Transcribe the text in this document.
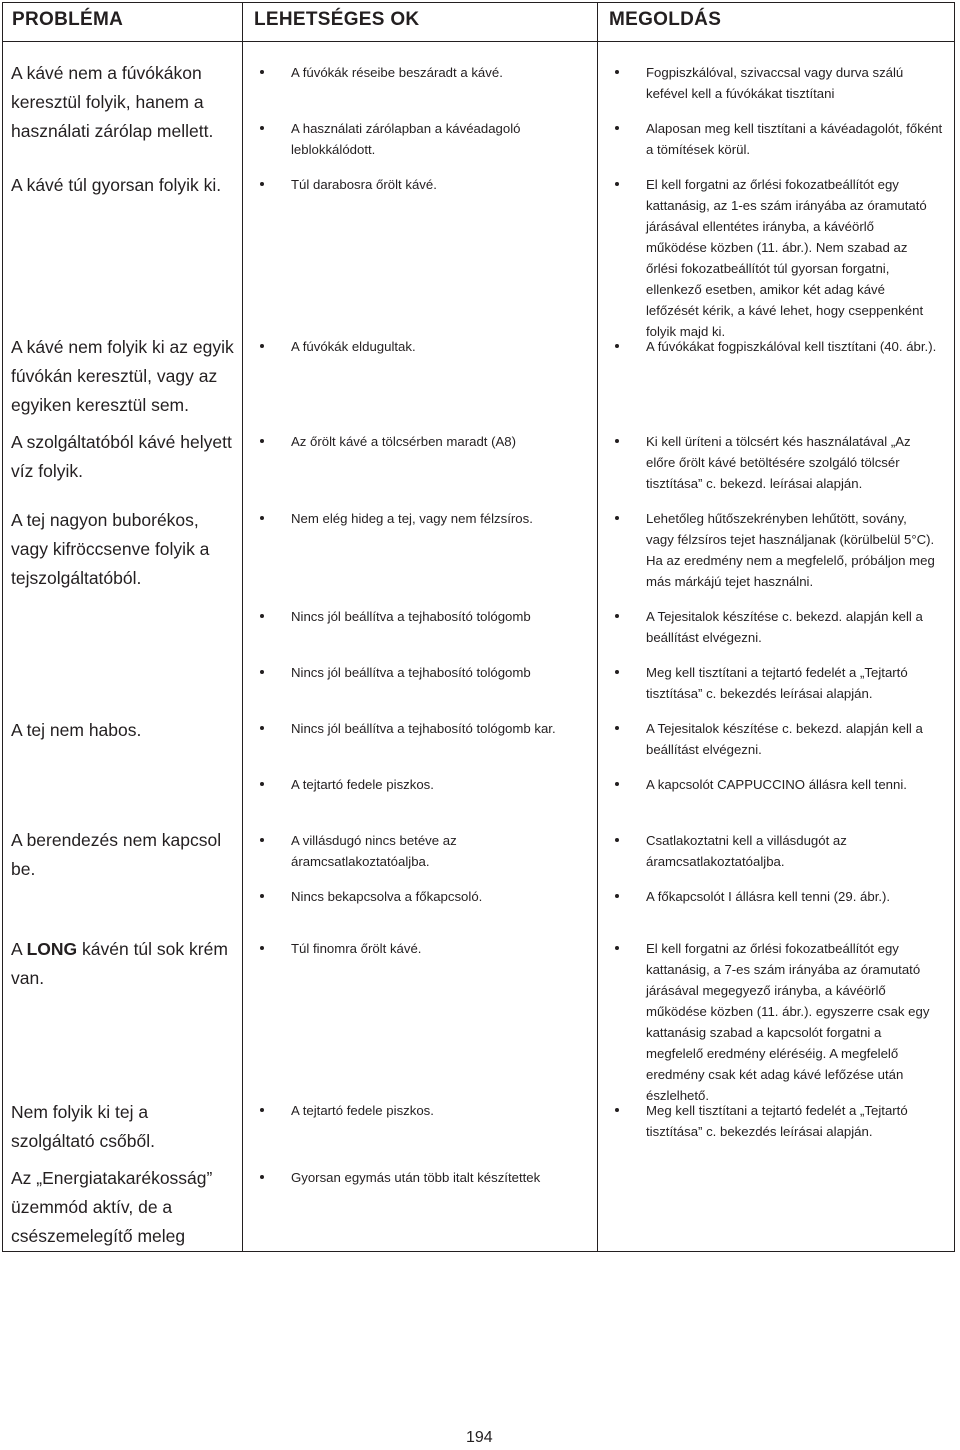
PROBLÉMA	LEHETSÉGES OK	MEGOLDÁS
A kávé nem a fúvókákon keresztül folyik, hanem a használati zárólap mellett.
A kávé túl gyorsan folyik ki.
A kávé nem folyik ki az egyik fúvókán keresztül, vagy az egyiken keresztül sem.
A szolgáltatóból kávé helyett víz folyik.
A tej nagyon buborékos, vagy kifröccsenve folyik a tejszolgáltatóból.
A tej nem habos.
A berendezés nem kapcsol be.
A LONG kávén túl sok krém van.
Nem folyik ki tej a szolgáltató csőből.
Az „Energiatakarékosság” üzemmód aktív, de a csészemelegítő meleg
A fúvókák réseibe beszáradt a kávé.
A használati zárólapban a kávéadagoló leblokkálódott.
Túl darabosra őrölt kávé.
A fúvókák eldugultak.
Az őrölt kávé a tölcsérben maradt (A8)
Nem elég hideg a tej, vagy nem félzsíros.
Nincs jól beállítva a tejhabosító tológomb
Nincs jól beállítva a tejhabosító tológomb
Nincs jól beállítva a tejhabosító tológomb kar.
A tejtartó fedele piszkos.
A villásdugó nincs betéve az áramcsatlakoztatóaljba.
Nincs bekapcsolva a főkapcsoló.
Túl finomra őrölt kávé.
A tejtartó fedele piszkos.
Gyorsan egymás után több italt készítettek
Fogpiszkálóval, szivaccsal vagy durva szálú kefével kell a fúvókákat tisztítani
Alaposan meg kell tisztítani a kávéadagolót, főként a tömítések körül.
El kell forgatni az őrlési fokozatbeállítót egy kattanásig, az 1-es szám irányába az óramutató járásával ellentétes irányba, a kávéörlő működése közben (11. ábr.). Nem szabad az őrlési fokozatbeállítót túl gyorsan forgatni, ellenkező esetben, amikor két adag kávé lefőzését kérik, a kávé lehet, hogy cseppenként folyik majd ki.
A fúvókákat fogpiszkálóval kell tisztítani (40. ábr.).
Ki kell üríteni a tölcsért kés használatával „Az előre őrölt kávé betöltésére szolgáló tölcsér tisztítása” c. bekezd. leírásai alapján.
Lehetőleg hűtőszekrényben lehűtött, sovány, vagy félzsíros tejet használjanak (körülbelül 5°C). Ha az eredmény nem a megfelelő, próbáljon meg más márkájú tejet használni.
A Tejesitalok készítése c. bekezd. alapján kell a beállítást elvégezni.
Meg kell tisztítani a tejtartó fedelét a „Tejtartó tisztítása” c. bekezdés leírásai alapján.
A Tejesitalok készítése c. bekezd. alapján kell a beállítást elvégezni.
A kapcsolót CAPPUCCINO állásra kell tenni.
Csatlakoztatni kell a villásdugót az áramcsatlakoztatóaljba.
A főkapcsolót I állásra kell tenni (29. ábr.).
El kell forgatni az őrlési fokozatbeállítót egy kattanásig, a 7-es szám irányába az óramutató járásával megegyező irányba, a kávéörlő működése közben (11. ábr.). egyszerre csak egy kattanásig szabad a kapcsolót forgatni a megfelelő eredmény eléréséig. A megfelelő eredmény csak két adag kávé lefőzése után észlelhető.
Meg kell tisztítani a tejtartó fedelét a „Tejtartó tisztítása” c. bekezdés leírásai alapján.
194
